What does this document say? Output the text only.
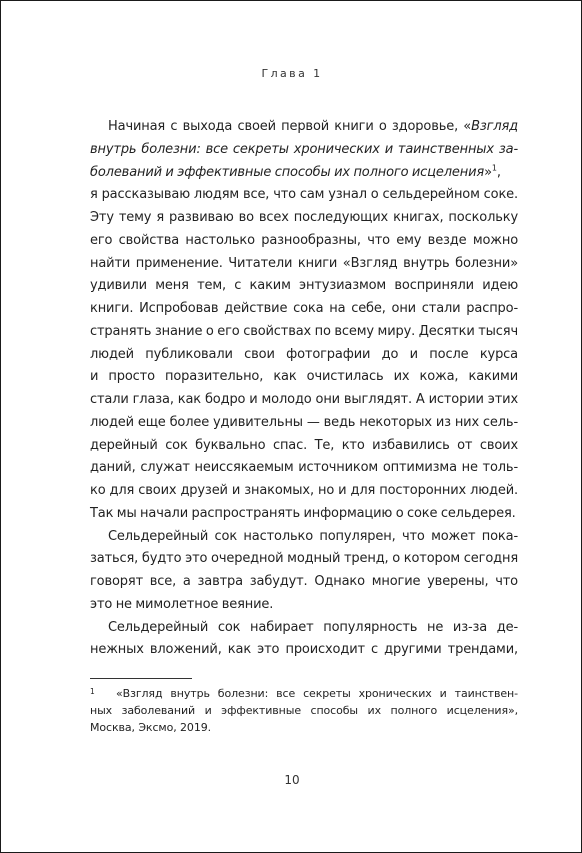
Глава 1
Начиная с выхода своей первой книги о здоровье, «Взгляд
внутрь болезни: все секреты хронических и таинственных за-
болеваний и эффективные способы их полного исцеления»$^1$,
я рассказываю людям все, что сам узнал о сельдерейном соке.
Эту тему я развиваю во всех последующих книгах, поскольку
его свойства настолько разнообразны, что ему везде можно
найти применение. Читатели книги «Взгляд внутрь болезни»
удивили меня тем, с каким энтузиазмом восприняли идею
книги. Испробовав действие сока на себе, они стали распро-
странять знание о его свойствах по всему миру. Десятки тысяч
людей публиковали свои фотографии до и после курса
и просто поразительно, как очистилась их кожа, какими
стали глаза, как бодро и молодо они выглядят. А истории этих
людей еще более удивительны — ведь некоторых из них сель-
дерейный сок буквально спас. Те, кто избавились от своих
даний, служат неиссякаемым источником оптимизма не толь-
ко для своих друзей и знакомых, но и для посторонних людей.
Так мы начали распространять информацию о соке сельдерея.
Сельдерейный сок настолько популярен, что может пока-
заться, будто это очередной модный тренд, о котором сегодня
говорят все, а завтра забудут. Однако многие уверены, что
это не мимолетное веяние.
Сельдерейный сок набирает популярность не из-за де-
нежных вложений, как это происходит с другими трендами,
1 «Взгляд внутрь болезни: все секреты хронических и таинствен-
ных заболеваний и эффективные способы их полного исцеления»,
Москва, Эксмо, 2019.
10
